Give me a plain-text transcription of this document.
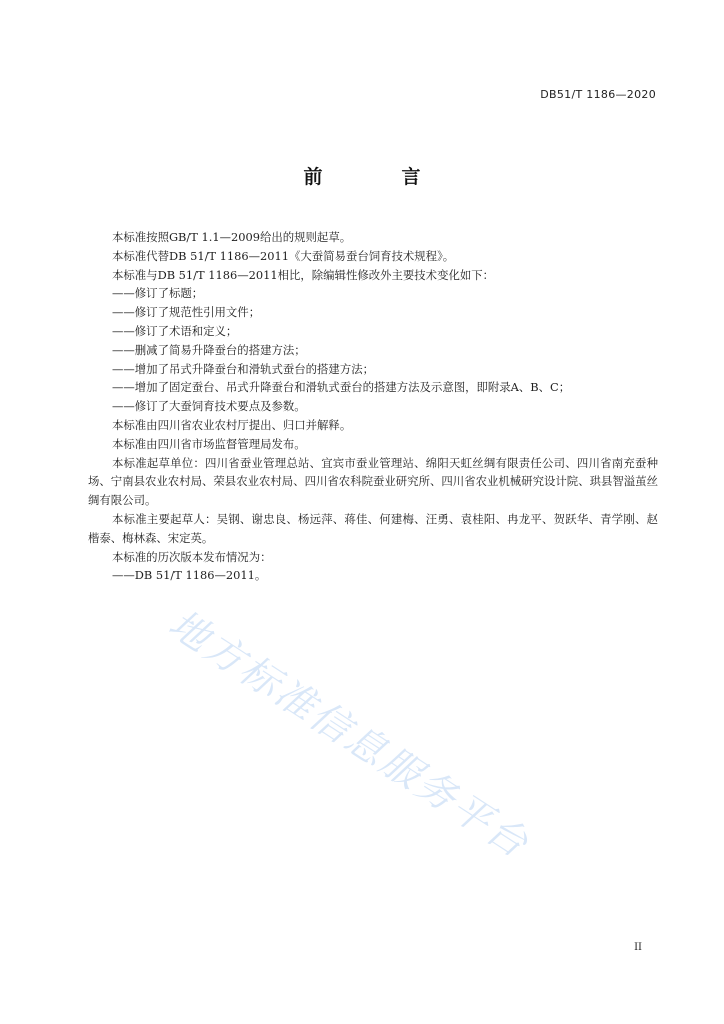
DB51/T 1186—2020
前　言

本标准按照GB/T 1.1—2009给出的规则起草。

本标准代替DB 51/T 1186—2011《大蚕简易蚕台饲育技术规程》。

本标准与DB 51/T 1186—2011相比，除编辑性修改外主要技术变化如下：

——修订了标题；

——修订了规范性引用文件；

——修订了术语和定义；

——删减了简易升降蚕台的搭建方法；

——增加了吊式升降蚕台和滑轨式蚕台的搭建方法；

——增加了固定蚕台、吊式升降蚕台和滑轨式蚕台的搭建方法及示意图，即附录A、B、C；

——修订了大蚕饲育技术要点及参数。

本标准由四川省农业农村厅提出、归口并解释。

本标准由四川省市场监督管理局发布。

本标准起草单位：四川省蚕业管理总站、宜宾市蚕业管理站、绵阳天虹丝绸有限责任公司、四川省南充蚕种场、宁南县农业农村局、荣县农业农村局、四川省农科院蚕业研究所、四川省农业机械研究设计院、珙县智溢茧丝绸有限公司。

本标准主要起草人：吴钢、谢忠良、杨远萍、蒋佳、何建梅、汪勇、袁桂阳、冉龙平、贺跃华、青学刚、赵楷泰、梅林森、宋定英。

本标准的历次版本发布情况为：

——DB 51/T 1186—2011。

地方标准信息服务平台
II
